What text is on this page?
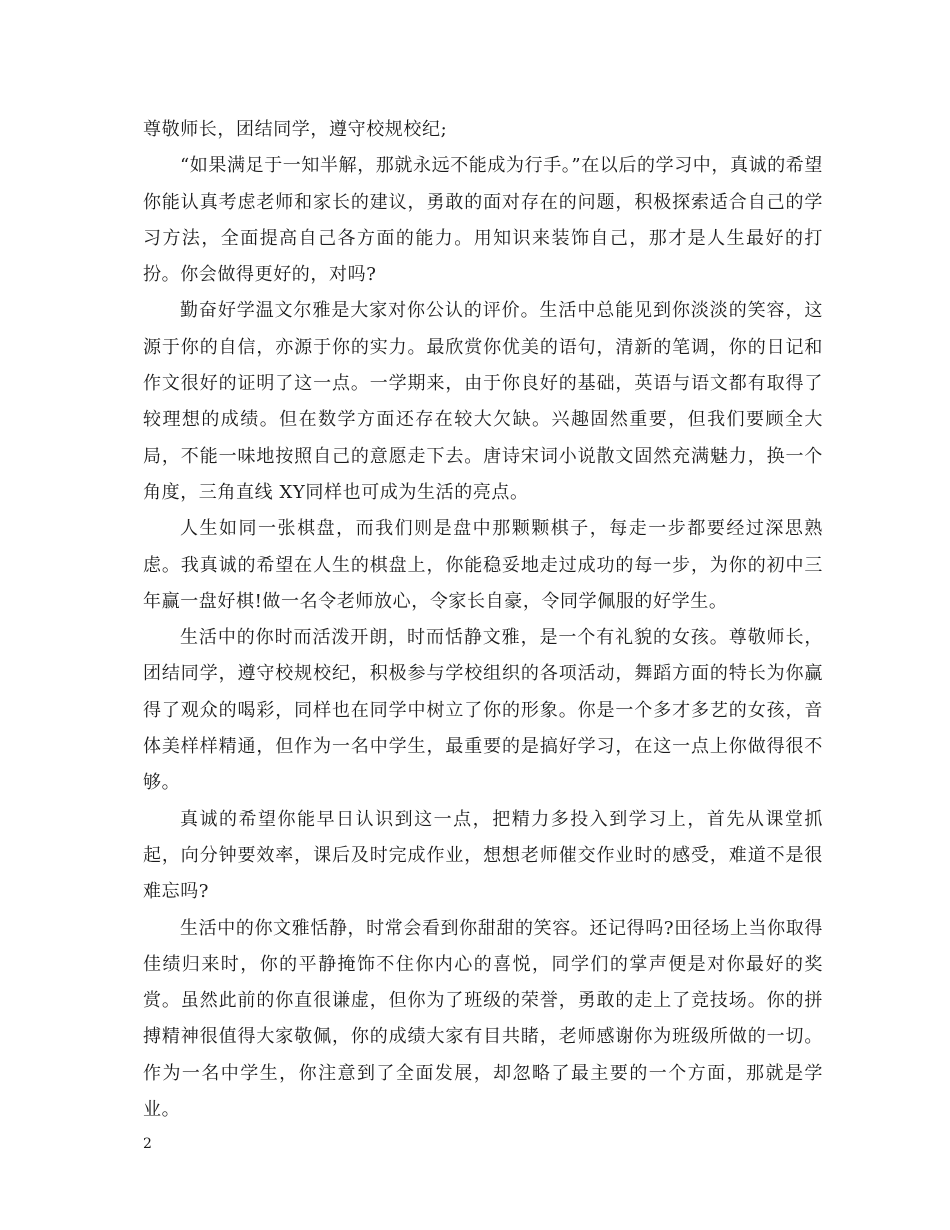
尊敬师长，团结同学，遵守校规校纪;

“如果满足于一知半解，那就永远不能成为行手。”在以后的学习中，真诚的希望你能认真考虑老师和家长的建议，勇敢的面对存在的问题，积极探索适合自己的学习方法，全面提高自己各方面的能力。用知识来装饰自己，那才是人生最好的打扮。你会做得更好的，对吗?

勤奋好学温文尔雅是大家对你公认的评价。生活中总能见到你淡淡的笑容，这源于你的自信，亦源于你的实力。最欣赏你优美的语句，清新的笔调，你的日记和作文很好的证明了这一点。一学期来，由于你良好的基础，英语与语文都有取得了较理想的成绩。但在数学方面还存在较大欠缺。兴趣固然重要，但我们要顾全大局，不能一味地按照自己的意愿走下去。唐诗宋词小说散文固然充满魅力，换一个角度，三角直线 XY同样也可成为生活的亮点。

人生如同一张棋盘，而我们则是盘中那颗颗棋子，每走一步都要经过深思熟虑。我真诚的希望在人生的棋盘上，你能稳妥地走过成功的每一步，为你的初中三年赢一盘好棋!做一名令老师放心，令家长自豪，令同学佩服的好学生。

生活中的你时而活泼开朗，时而恬静文雅，是一个有礼貌的女孩。尊敬师长，团结同学，遵守校规校纪，积极参与学校组织的各项活动，舞蹈方面的特长为你赢得了观众的喝彩，同样也在同学中树立了你的形象。你是一个多才多艺的女孩，音体美样样精通，但作为一名中学生，最重要的是搞好学习，在这一点上你做得很不够。

真诚的希望你能早日认识到这一点，把精力多投入到学习上，首先从课堂抓起，向分钟要效率，课后及时完成作业，想想老师催交作业时的感受，难道不是很难忘吗?

生活中的你文雅恬静，时常会看到你甜甜的笑容。还记得吗?田径场上当你取得佳绩归来时，你的平静掩饰不住你内心的喜悦，同学们的掌声便是对你最好的奖赏。虽然此前的你直很谦虚，但你为了班级的荣誉，勇敢的走上了竞技场。你的拼搏精神很值得大家敬佩，你的成绩大家有目共睹，老师感谢你为班级所做的一切。作为一名中学生，你注意到了全面发展，却忽略了最主要的一个方面，那就是学业。

2
